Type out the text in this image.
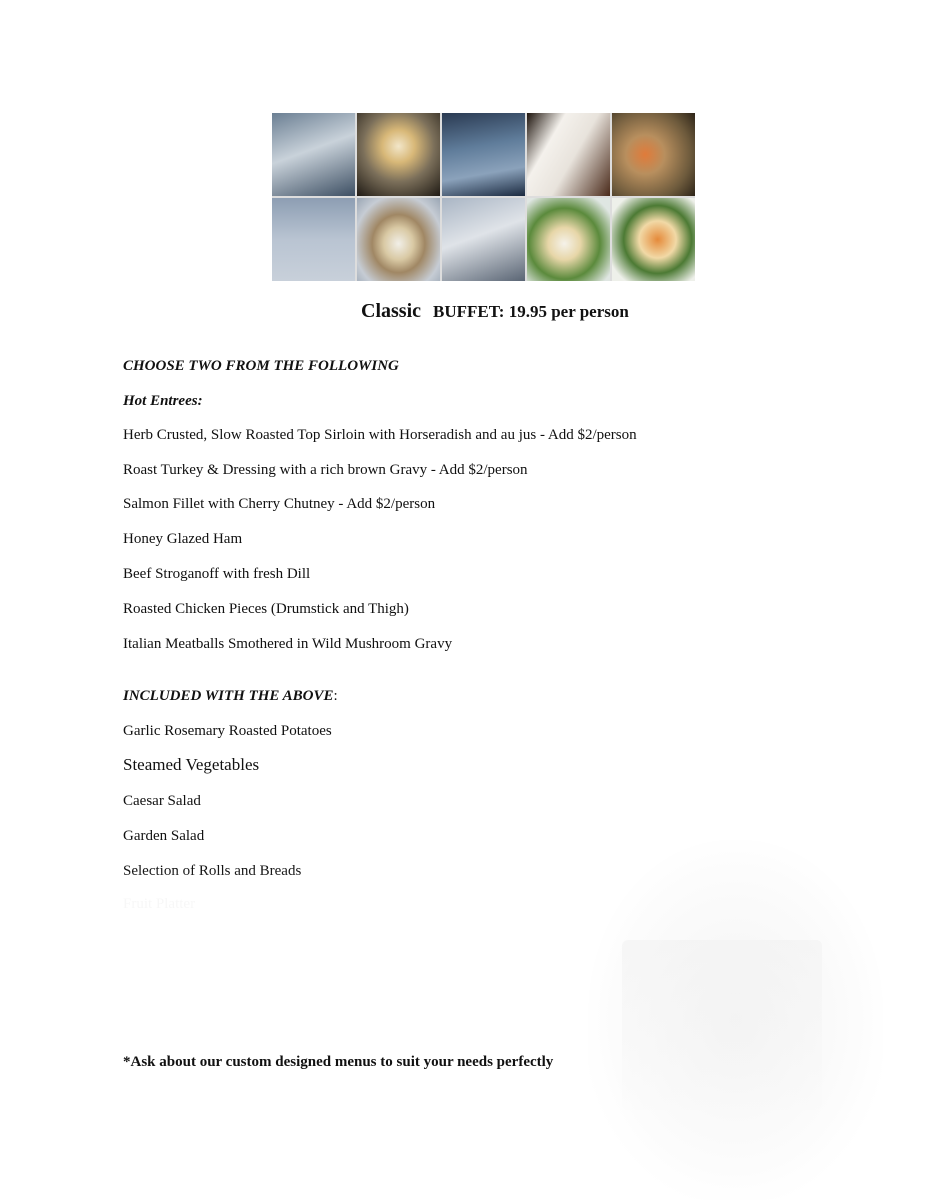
Classic BUFFET: 19.95 per person

CHOOSE TWO FROM THE FOLLOWING

Hot Entrees:

Herb Crusted, Slow Roasted Top Sirloin with Horseradish and au jus - Add $2/person

Roast Turkey & Dressing with a rich brown Gravy - Add $2/person

Salmon Fillet with Cherry Chutney - Add $2/person

Honey Glazed Ham

Beef Stroganoff with fresh Dill

Roasted Chicken Pieces (Drumstick and Thigh)

Italian Meatballs Smothered in Wild Mushroom Gravy

INCLUDED WITH THE ABOVE:

Garlic Rosemary Roasted Potatoes

Steamed Vegetables

Caesar Salad

Garden Salad

Selection of Rolls and Breads

*Ask about our custom designed menus to suit your needs perfectly
